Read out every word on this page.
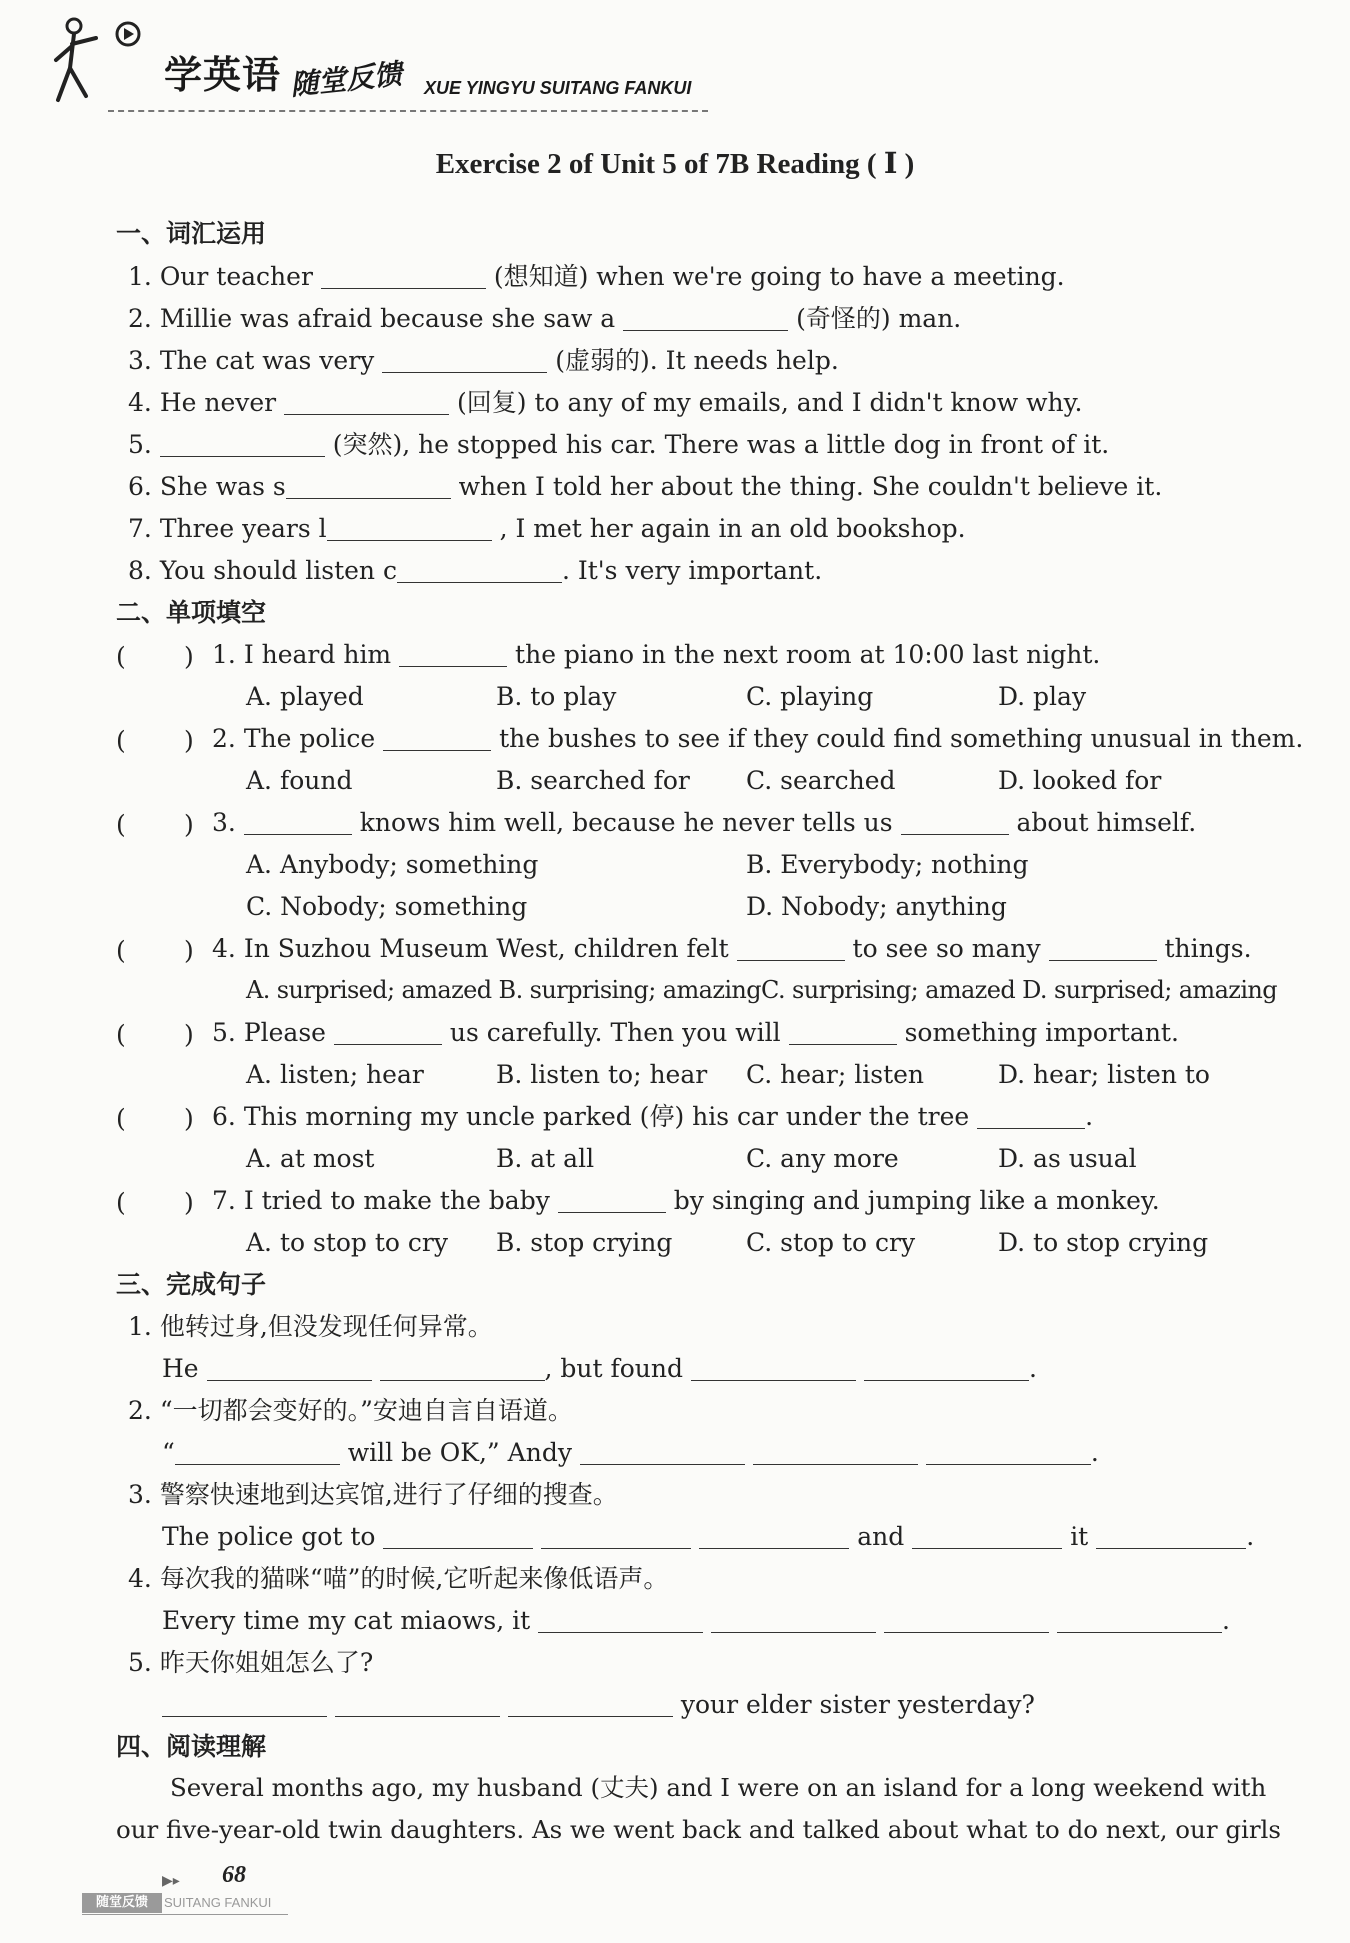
学英语 随堂反馈 XUE YINGYU SUITANG FANKUI
Exercise 2 of Unit 5 of 7B Reading ( Ⅰ )
一、词汇运用
1. Our teacher	(想知道) when we're going to have a meeting.
2. Millie was afraid because she saw a	(奇怪的) man.
3. The cat was very	(虚弱的). It needs help.
4. He never	(回复) to any of my emails, and I didn't know why.
5.	(突然), he stopped his car. There was a little dog in front of it.
6. She was s	when I told her about the thing. She couldn't believe it.
7. Three years l	, I met her again in an old bookshop.
8. You should listen c	. It's very important.
二、单项填空
( ) 1. I heard him	the piano in the next room at 10:00 last night.
A. played	B. to play	C. playing	D. play
( ) 2. The police	the bushes to see if they could find something unusual in them.
A. found	B. searched for C. searched	D. looked for
( ) 3.	knows him well, because he never tells us	about himself.
A. Anybody; something	B. Everybody; nothing
C. Nobody; something	D. Nobody; anything
( ) 4. In Suzhou Museum West, children felt	to see so many	things.
A. surprised; amazed B. surprising; amazingC. surprising; amazed D. surprised; amazing
( ) 5. Please	us carefully. Then you will	something important.
A. listen; hear	B. listen to; hear C. hear; listen	D. hear; listen to
( ) 6. This morning my uncle parked (停) his car under the tree	.
A. at most	B. at all	C. any more	D. as usual
( ) 7. I tried to make the baby	by singing and jumping like a monkey.
A. to stop to cry B. stop crying	C. stop to cry	D. to stop crying
三、完成句子
1. 他转过身,但没发现任何异常。
He	, but found	.
2. “一切都会变好的。”安迪自言自语道。
“	will be OK,” Andy	.
3. 警察快速地到达宾馆,进行了仔细的搜查。
The police got to	and	it	.
4. 每次我的猫咪“喵”的时候,它听起来像低语声。
Every time my cat miaows, it	.
5. 昨天你姐姐怎么了?
your elder sister yesterday?
四、阅读理解
Several months ago, my husband (丈夫) and I were on an island for a long weekend with
our five-year-old twin daughters. As we went back and talked about what to do next, our girls
▶▸ 68
随堂反馈	SUITANG FANKUI
